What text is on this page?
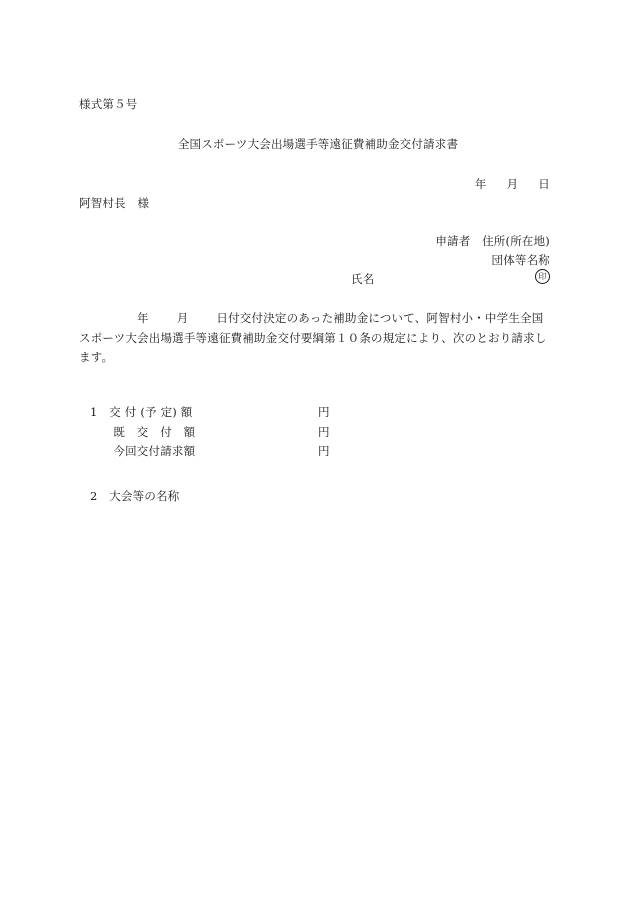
様式第５号
全国スポーツ大会出場選手等遠征費補助金交付請求書
年 月 日
阿智村長　様
申請者　住所(所在地)
団体等名称
氏名	印
年 月 日付交付決定のあった補助金について、阿智村小・中学生全国スポーツ大会出場選手等遠征費補助金交付要綱第１０条の規定により、次のとおり請求します。
1　交 付 (予 定) 額	円
　　既　交　付　額	円
　　今回交付請求額	円
2　大会等の名称
